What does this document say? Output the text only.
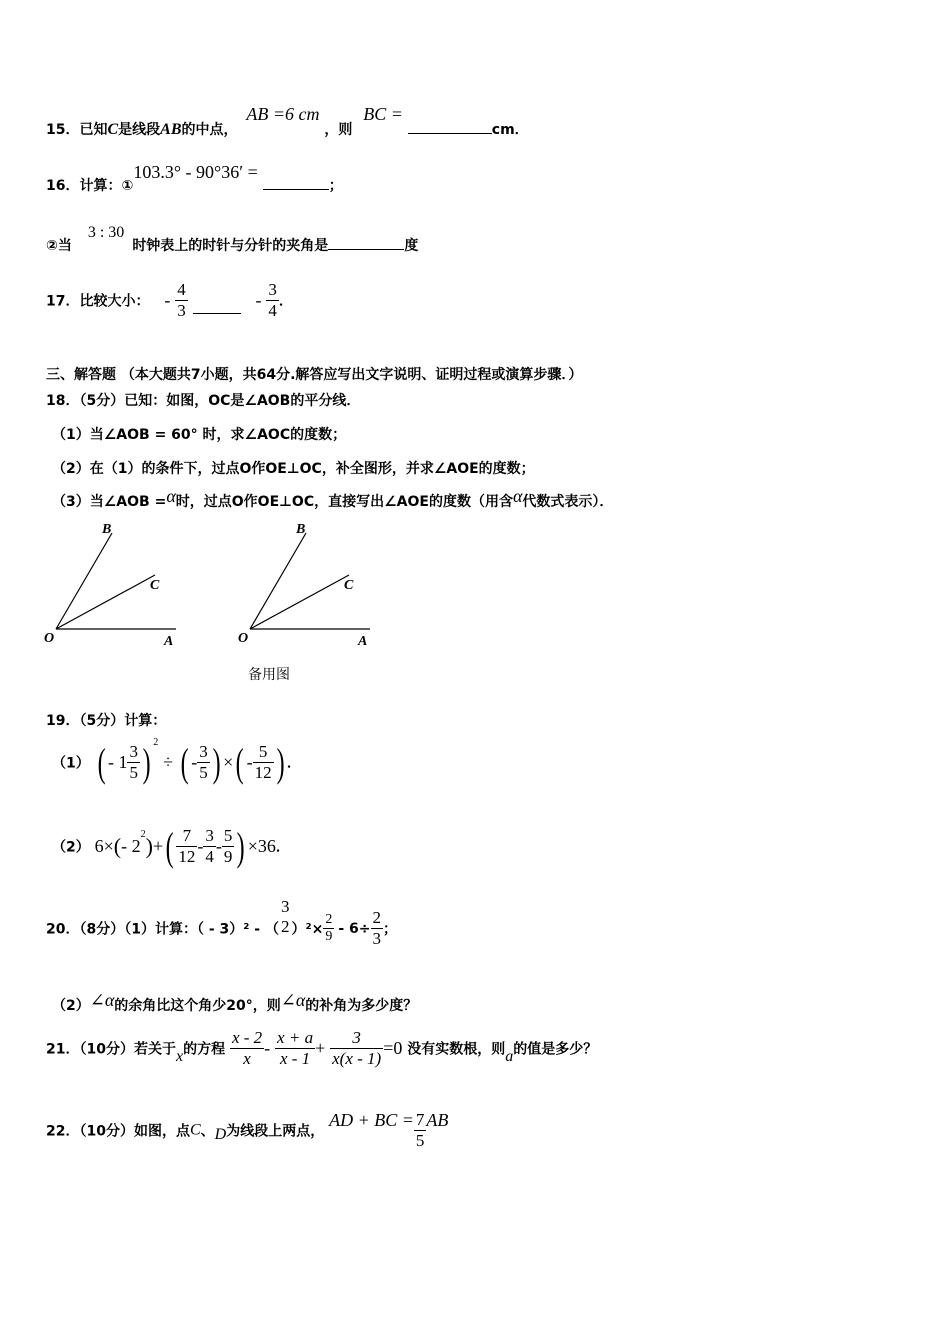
15．已知C是线段AB的中点， AB =6 cm ，则 BC = cm．
16．计算：①103.3° - 90°36′ = ；
②当3 : 30时钟表上的时针与分针的夹角是	度
17．比较大小： - $\frac{4}{3}$	- $\frac{3}{4}$ ．
三、解答题 （本大题共7小题，共64分.解答应写出文字说明、证明过程或演算步骤．）
18．（5分）已知：如图，OC是∠AOB的平分线．
（1）当∠AOB = 60° 时，求∠AOC的度数；
（2）在（1）的条件下，过点O作OE⊥OC，补全图形，并求∠AOE的度数；
（3）当∠AOB =α时，过点O作OE⊥OC，直接写出∠AOE的度数（用含α代数式表示）．
B
C
O	A
B
C
O	A
备用图
19．（5分）计算：
（1） ( - $1 \frac{3}{5}$ ) $^2$ ÷ ( - $\frac{3}{5}$ ) ×( - $\frac{5}{12}$ ) ．
（2） 6×(- $2^2)+( \frac{7}{12} - \frac{3}{4} - \frac{5}{9}$ ) ×36．
20．（8分）（1）计算：（ - 3）² - （
3
2 ）$^2\times \frac{2}{9} - 6\div \frac{2}{3}$ ；
（2）∠α的余角比这个角少20°，则∠α的补角为多少度？
21．（10分）若关于x的方程 $\frac{x - 2}{x} - \frac{x + a}{x - 1} + \frac{3}{x(x - 1)} =0$ 没有实数根，则a的值是多少？
22．（10分）如图，点C、D为线段上两点， AD + BC = $\frac{7}{5}$ AB
